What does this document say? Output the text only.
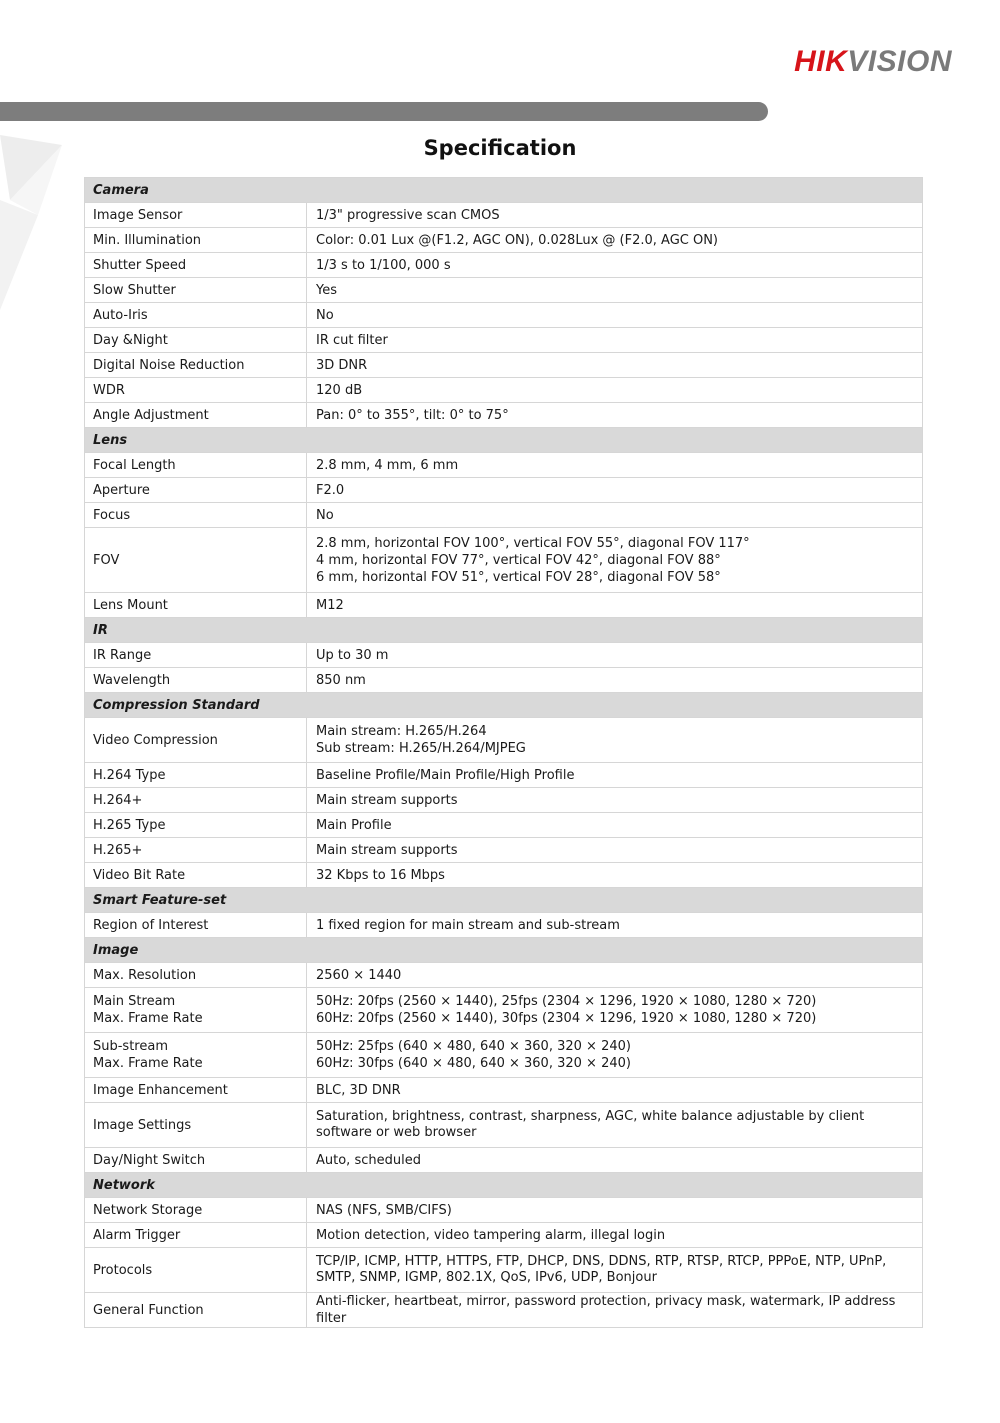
HIKVISION
Specification
Camera	

Image Sensor	1/3" progressive scan CMOS

Min. Illumination	Color: 0.01 Lux @(F1.2, AGC ON), 0.028Lux @ (F2.0, AGC ON)

Shutter Speed	1/3 s to 1/100, 000 s

Slow Shutter	Yes

Auto-Iris	No

Day &Night	IR cut filter

Digital Noise Reduction	3D DNR

WDR	120 dB

Angle Adjustment	Pan: 0° to 355°, tilt: 0° to 75°

Lens	

Focal Length	2.8 mm, 4 mm, 6 mm

Aperture	F2.0

Focus	No

FOV	2.8 mm, horizontal FOV 100°, vertical FOV 55°, diagonal FOV 117°
4 mm, horizontal FOV 77°, vertical FOV 42°, diagonal FOV 88°
6 mm, horizontal FOV 51°, vertical FOV 28°, diagonal FOV 58°

Lens Mount	M12

IR	

IR Range	Up to 30 m

Wavelength	850 nm

Compression Standard	

Video Compression	Main stream: H.265/H.264
Sub stream: H.265/H.264/MJPEG

H.264 Type	Baseline Profile/Main Profile/High Profile

H.264+	Main stream supports

H.265 Type	Main Profile

H.265+	Main stream supports

Video Bit Rate	32 Kbps to 16 Mbps

Smart Feature-set	

Region of Interest	1 fixed region for main stream and sub-stream

Image	

Max. Resolution	2560 × 1440

Main Stream
Max. Frame Rate	50Hz: 20fps (2560 × 1440), 25fps (2304 × 1296, 1920 × 1080, 1280 × 720)
60Hz: 20fps (2560 × 1440), 30fps (2304 × 1296, 1920 × 1080, 1280 × 720)

Sub-stream
Max. Frame Rate	50Hz: 25fps (640 × 480, 640 × 360, 320 × 240)
60Hz: 30fps (640 × 480, 640 × 360, 320 × 240)

Image Enhancement	BLC, 3D DNR

Image Settings	Saturation, brightness, contrast, sharpness, AGC, white balance adjustable by client software or web browser

Day/Night Switch	Auto, scheduled

Network	

Network Storage	NAS (NFS, SMB/CIFS)

Alarm Trigger	Motion detection, video tampering alarm, illegal login

Protocols	TCP/IP, ICMP, HTTP, HTTPS, FTP, DHCP, DNS, DDNS, RTP, RTSP, RTCP, PPPoE, NTP, UPnP, SMTP, SNMP, IGMP, 802.1X, QoS, IPv6, UDP, Bonjour

General Function	Anti-flicker, heartbeat, mirror, password protection, privacy mask, watermark, IP address filter
